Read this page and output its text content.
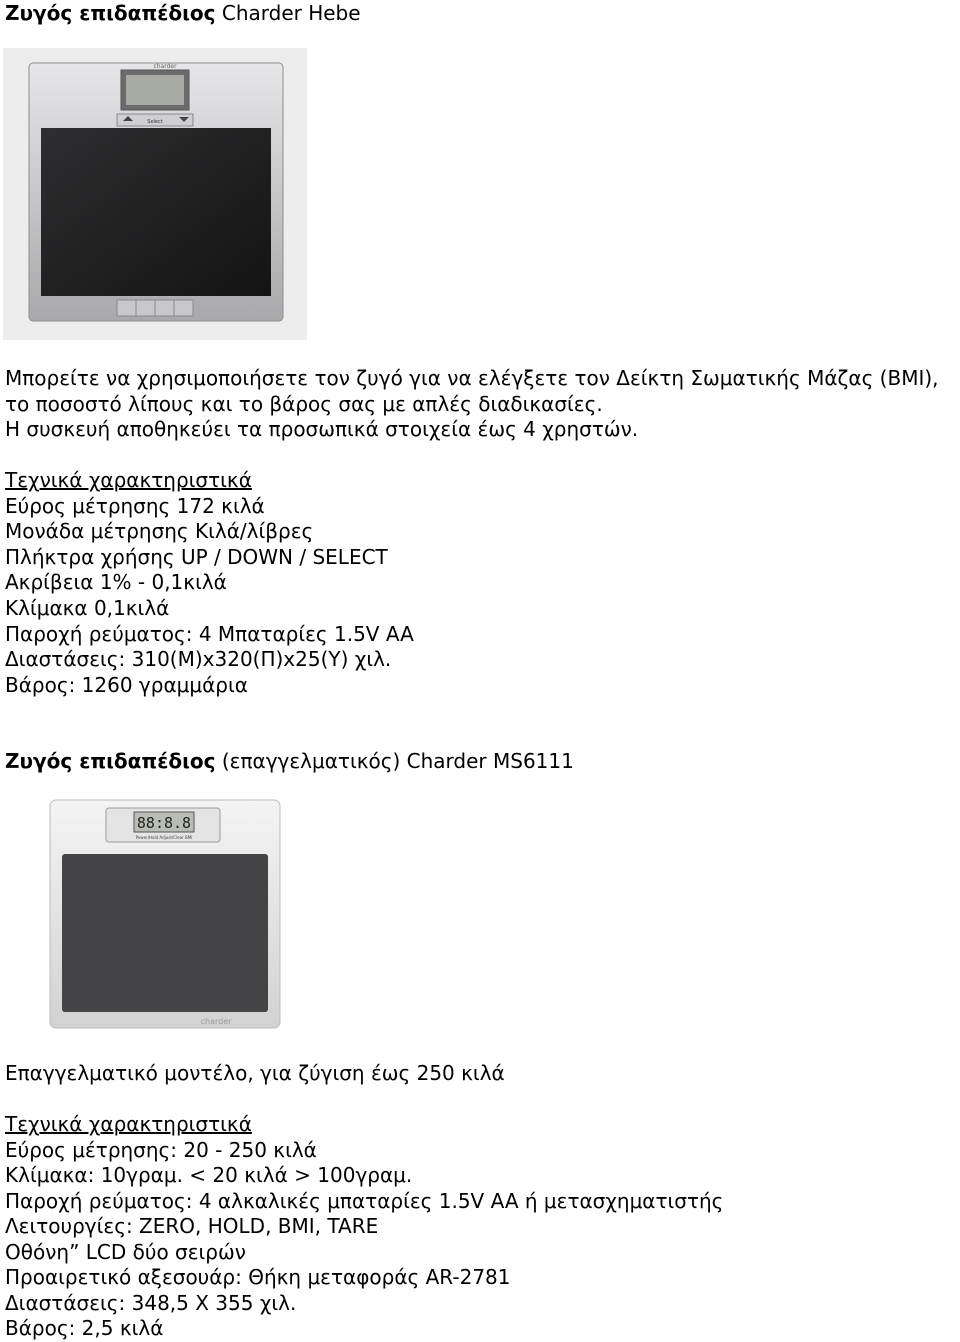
Ζυγός επιδαπέδιος Charder Hebe
Select
charder
Μπορείτε να χρησιμοποιήσετε τον ζυγό για να ελέγξετε τον Δείκτη Σωματικής Μάζας (BMI),
το ποσοστό λίπους και το βάρος σας με απλές διαδικασίες.
Η συσκευή αποθηκεύει τα προσωπικά στοιχεία έως 4 χρηστών.
Τεχνικά χαρακτηριστικά
Εύρος μέτρησης 172 κιλά
Μονάδα μέτρησης Κιλά/λίβρες
Πλήκτρα χρήσης UP / DOWN / SELECT
Ακρίβεια 1% - 0,1κιλά
Κλίμακα 0,1κιλά
Παροχή ρεύματος: 4 Μπαταρίες 1.5V AA
Διαστάσεις: 310(Μ)x320(Π)x25(Υ) χιλ.
Βάρος: 1260 γραμμάρια
Ζυγός επιδαπέδιος (επαγγελματικός) Charder MS6111
88:8.8
Power/Hold Adjust/Clear BMI
charder
Επαγγελματικό μοντέλο, για ζύγιση έως 250 κιλά
Τεχνικά χαρακτηριστικά
Εύρος μέτρησης: 20 - 250 κιλά
Κλίμακα: 10γραμ. < 20 κιλά > 100γραμ.
Παροχή ρεύματος: 4 αλκαλικές μπαταρίες 1.5V AA ή μετασχηματιστής
Λειτουργίες: ZERO, HOLD, BMI, TARE
Οθόνη” LCD δύο σειρών
Προαιρετικό αξεσουάρ: Θήκη μεταφοράς AR-2781
Διαστάσεις: 348,5 X 355 χιλ.
Βάρος: 2,5 κιλά
